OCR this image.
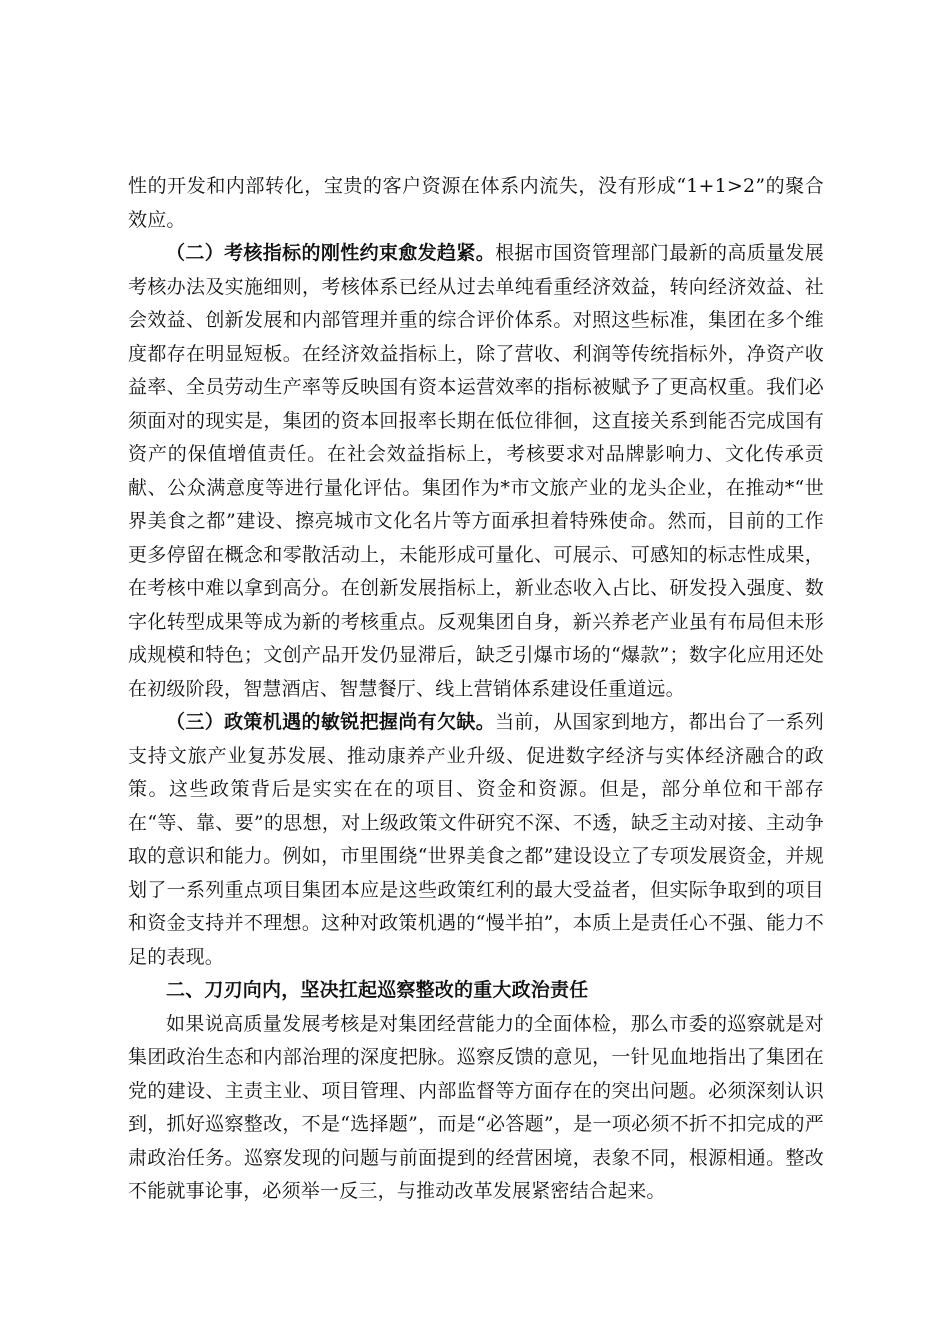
性的开发和内部转化，宝贵的客户资源在体系内流失，没有形成“1+1>2”的聚合效应。

（二）考核指标的刚性约束愈发趋紧。根据市国资管理部门最新的高质量发展考核办法及实施细则，考核体系已经从过去单纯看重经济效益，转向经济效益、社会效益、创新发展和内部管理并重的综合评价体系。对照这些标准，集团在多个维度都存在明显短板。在经济效益指标上，除了营收、利润等传统指标外，净资产收益率、全员劳动生产率等反映国有资本运营效率的指标被赋予了更高权重。我们必须面对的现实是，集团的资本回报率长期在低位徘徊，这直接关系到能否完成国有资产的保值增值责任。在社会效益指标上，考核要求对品牌影响力、文化传承贡献、公众满意度等进行量化评估。集团作为*市文旅产业的龙头企业，在推动*“世界美食之都”建设、擦亮城市文化名片等方面承担着特殊使命。然而，目前的工作更多停留在概念和零散活动上，未能形成可量化、可展示、可感知的标志性成果，在考核中难以拿到高分。在创新发展指标上，新业态收入占比、研发投入强度、数字化转型成果等成为新的考核重点。反观集团自身，新兴养老产业虽有布局但未形成规模和特色；文创产品开发仍显滞后，缺乏引爆市场的“爆款”；数字化应用还处在初级阶段，智慧酒店、智慧餐厅、线上营销体系建设任重道远。

（三）政策机遇的敏锐把握尚有欠缺。当前，从国家到地方，都出台了一系列支持文旅产业复苏发展、推动康养产业升级、促进数字经济与实体经济融合的政策。这些政策背后是实实在在的项目、资金和资源。但是，部分单位和干部存在“等、靠、要”的思想，对上级政策文件研究不深、不透，缺乏主动对接、主动争取的意识和能力。例如，市里围绕“世界美食之都”建设设立了专项发展资金，并规划了一系列重点项目集团本应是这些政策红利的最大受益者，但实际争取到的项目和资金支持并不理想。这种对政策机遇的“慢半拍”，本质上是责任心不强、能力不足的表现。

二、刀刃向内，坚决扛起巡察整改的重大政治责任

如果说高质量发展考核是对集团经营能力的全面体检，那么市委的巡察就是对集团政治生态和内部治理的深度把脉。巡察反馈的意见，一针见血地指出了集团在党的建设、主责主业、项目管理、内部监督等方面存在的突出问题。必须深刻认识到，抓好巡察整改，不是“选择题”，而是“必答题”，是一项必须不折不扣完成的严肃政治任务。巡察发现的问题与前面提到的经营困境，表象不同，根源相通。整改不能就事论事，必须举一反三，与推动改革发展紧密结合起来。
